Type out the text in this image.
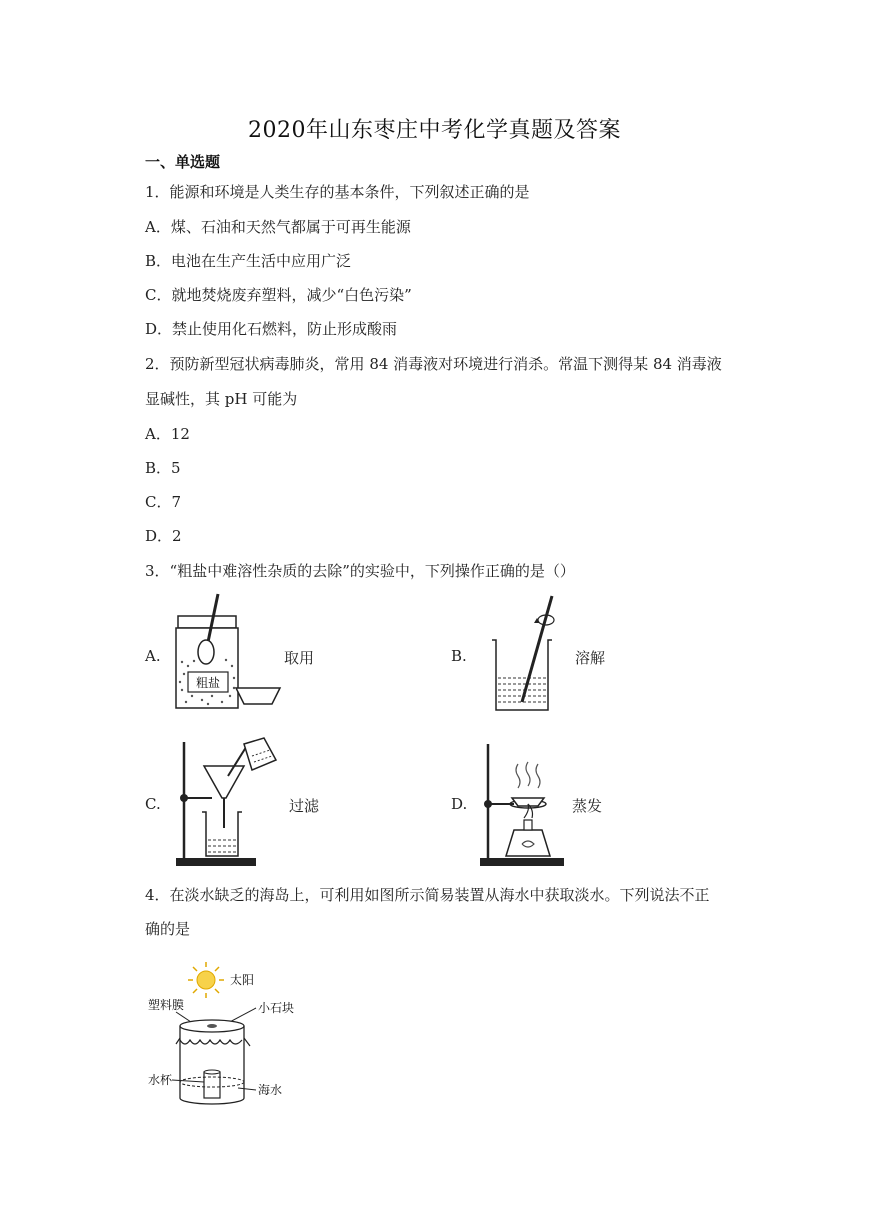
2020年山东枣庄中考化学真题及答案
一、单选题
1．能源和环境是人类生存的基本条件，下列叙述正确的是
A．煤、石油和天然气都属于可再生能源
B．电池在生产生活中应用广泛
C．就地焚烧废弃塑料，减少“白色污染”
D．禁止使用化石燃料，防止形成酸雨
2．预防新型冠状病毒肺炎，常用 84 消毒液对环境进行消杀。常温下测得某 84 消毒液
显碱性，其 pH 可能为
A．12
B．5
C．7
D．2
3．“粗盐中难溶性杂质的去除”的实验中，下列操作正确的是（）
A.
粗盐
取用	B.	溶解
C.	过滤	D.	蒸发
4．在淡水缺乏的海岛上，可利用如图所示简易装置从海水中获取淡水。下列说法不正
确的是
太阳
塑料膜	小石块
水杯
海水
